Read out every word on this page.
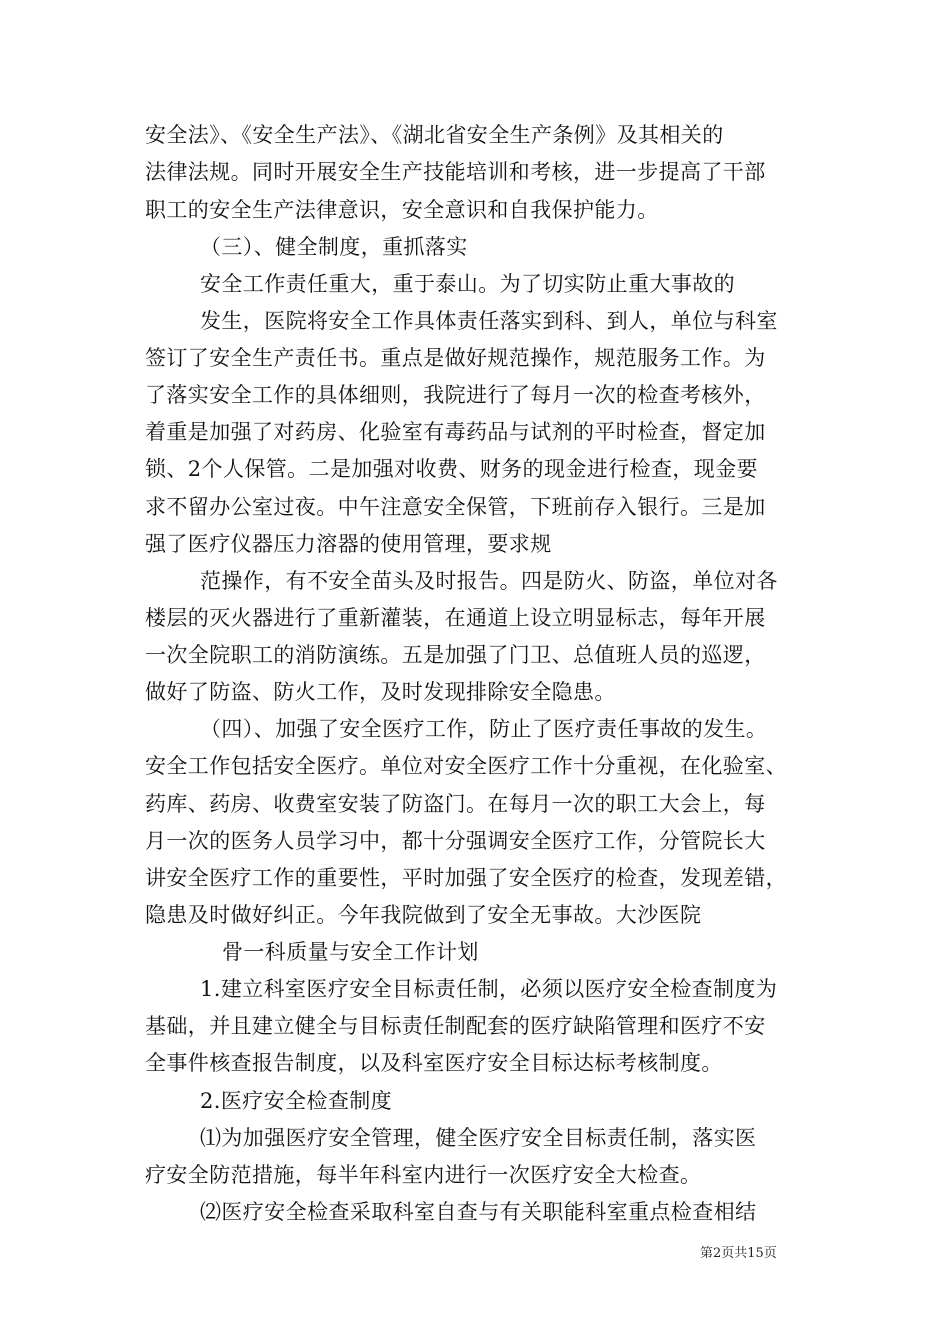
安全法》、《安全生产法》、《湖北省安全生产条例》及其相关的
法律法规。同时开展安全生产技能培训和考核，进一步提高了干部
职工的安全生产法律意识，安全意识和自我保护能力。
（三）、健全制度，重抓落实
安全工作责任重大，重于泰山。为了切实防止重大事故的
发生，医院将安全工作具体责任落实到科、到人，单位与科室
签订了安全生产责任书。重点是做好规范操作，规范服务工作。为
了落实安全工作的具体细则，我院进行了每月一次的检查考核外，
着重是加强了对药房、化验室有毒药品与试剂的平时检查，督定加
锁、2个人保管。二是加强对收费、财务的现金进行检查，现金要
求不留办公室过夜。中午注意安全保管，下班前存入银行。三是加
强了医疗仪器压力溶器的使用管理，要求规
范操作，有不安全苗头及时报告。四是防火、防盗，单位对各
楼层的灭火器进行了重新灌装，在通道上设立明显标志，每年开展
一次全院职工的消防演练。五是加强了门卫、总值班人员的巡逻，
做好了防盗、防火工作，及时发现排除安全隐患。
（四）、加强了安全医疗工作，防止了医疗责任事故的发生。
安全工作包括安全医疗。单位对安全医疗工作十分重视，在化验室、
药库、药房、收费室安装了防盗门。在每月一次的职工大会上，每
月一次的医务人员学习中，都十分强调安全医疗工作，分管院长大
讲安全医疗工作的重要性，平时加强了安全医疗的检查，发现差错，
隐患及时做好纠正。今年我院做到了安全无事故。大沙医院
骨一科质量与安全工作计划
1.建立科室医疗安全目标责任制，必须以医疗安全检查制度为
基础，并且建立健全与目标责任制配套的医疗缺陷管理和医疗不安
全事件核查报告制度，以及科室医疗安全目标达标考核制度。
2.医疗安全检查制度
⑴为加强医疗安全管理，健全医疗安全目标责任制，落实医
疗安全防范措施，每半年科室内进行一次医疗安全大检查。
⑵医疗安全检查采取科室自查与有关职能科室重点检查相结
第2页共15页
